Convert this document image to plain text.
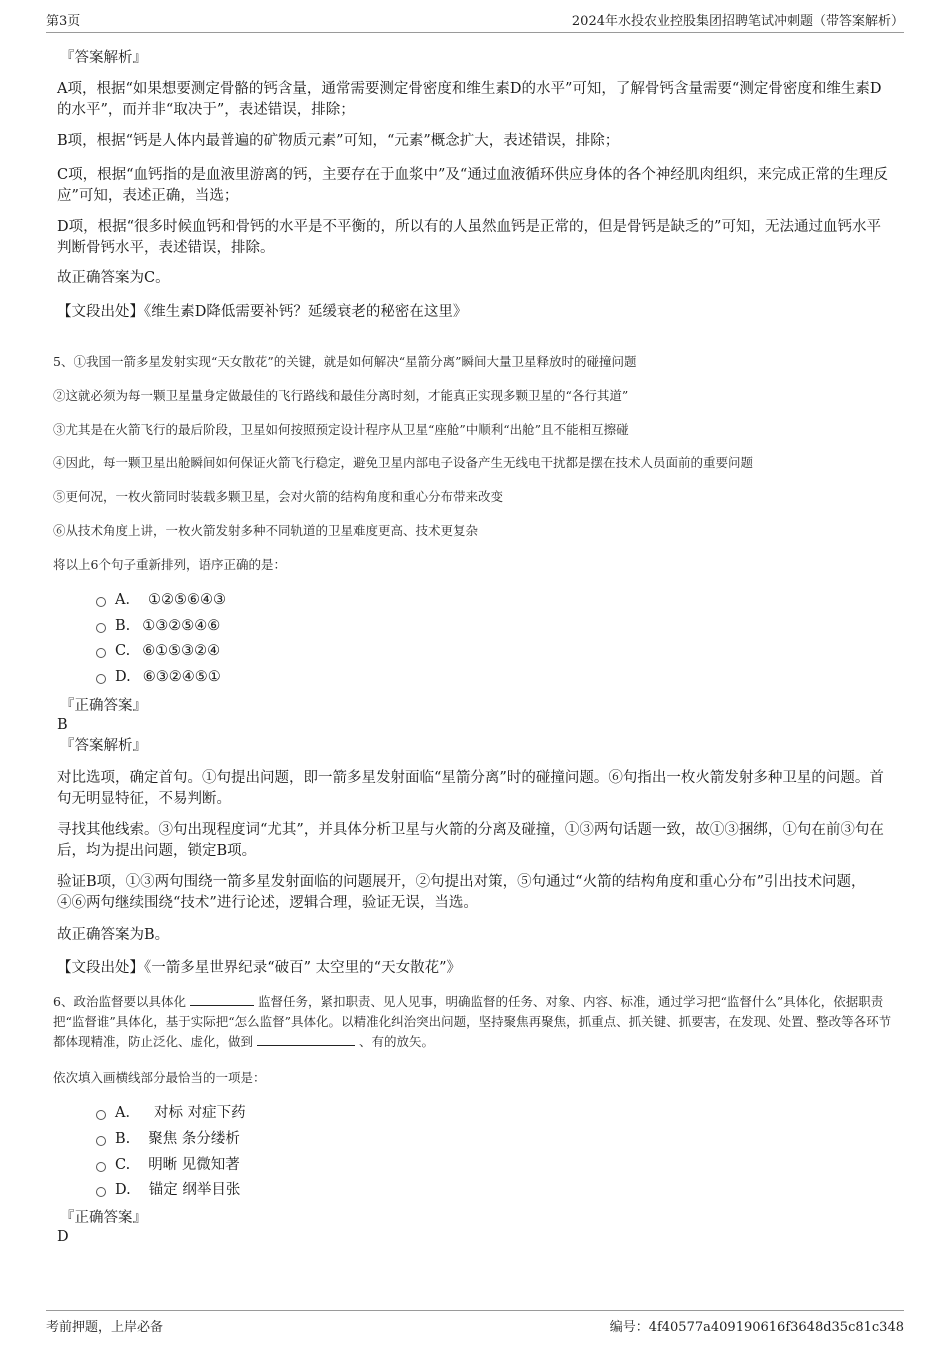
第3页	2024年水投农业控股集团招聘笔试冲刺题（带答案解析）
『答案解析』
A项，根据“如果想要测定骨骼的钙含量，通常需要测定骨密度和维生素D的水平”可知，了解骨钙含量需要“测定骨密度和维生素D的水平”，而并非“取决于”，表述错误，排除；
B项，根据“钙是人体内最普遍的矿物质元素”可知，“元素”概念扩大，表述错误，排除；
C项，根据“血钙指的是血液里游离的钙，主要存在于血浆中”及“通过血液循环供应身体的各个神经肌肉组织，来完成正常的生理反应”可知，表述正确，当选；
D项，根据“很多时候血钙和骨钙的水平是不平衡的，所以有的人虽然血钙是正常的，但是骨钙是缺乏的”可知，无法通过血钙水平判断骨钙水平，表述错误，排除。
故正确答案为C。
【文段出处】《维生素D降低需要补钙？延缓衰老的秘密在这里》
5、①我国一箭多星发射实现“天女散花”的关键，就是如何解决“星箭分离”瞬间大量卫星释放时的碰撞问题
②这就必须为每一颗卫星量身定做最佳的飞行路线和最佳分离时刻，才能真正实现多颗卫星的“各行其道”
③尤其是在火箭飞行的最后阶段，卫星如何按照预定设计程序从卫星“座舱”中顺利“出舱”且不能相互擦碰
④因此，每一颗卫星出舱瞬间如何保证火箭飞行稳定，避免卫星内部电子设备产生无线电干扰都是摆在技术人员面前的重要问题
⑤更何况，一枚火箭同时装载多颗卫星，会对火箭的结构角度和重心分布带来改变
⑥从技术角度上讲，一枚火箭发射多种不同轨道的卫星难度更高、技术更复杂
将以上6个句子重新排列，语序正确的是：
A． ①②⑤⑥④③
B. ①③②⑤④⑥
C. ⑥①⑤③②④
D. ⑥③②④⑤①
『正确答案』
B
『答案解析』
对比选项，确定首句。①句提出问题，即一箭多星发射面临“星箭分离”时的碰撞问题。⑥句指出一枚火箭发射多种卫星的问题。首句无明显特征，不易判断。
寻找其他线索。③句出现程度词“尤其”，并具体分析卫星与火箭的分离及碰撞，①③两句话题一致，故①③捆绑，①句在前③句在后，均为提出问题，锁定B项。
验证B项，①③两句围绕一箭多星发射面临的问题展开，②句提出对策，⑤句通过“火箭的结构角度和重心分布”引出技术问题，④⑥两句继续围绕“技术”进行论述，逻辑合理，验证无误，当选。
故正确答案为B。
【文段出处】《一箭多星世界纪录“破百” 太空里的“天女散花”》
6、政治监督要以具体化	监督任务，紧扣职责、见人见事，明确监督的任务、对象、内容、标准，通过学习把“监督什么”具体化，依据职责把“监督谁”具体化，基于实际把“怎么监督”具体化。以精准化纠治突出问题，坚持聚焦再聚焦，抓重点、抓关键、抓要害，在发现、处置、整改等各环节都体现精准，防止泛化、虚化，做到	、有的放矢。
依次填入画横线部分最恰当的一项是：
A． 对标 对症下药
B. 聚焦 条分缕析
C. 明晰 见微知著
D. 锚定 纲举目张
『正确答案』
D
考前押题，上岸必备	编号：4f40577a409190616f3648d35c81c348
